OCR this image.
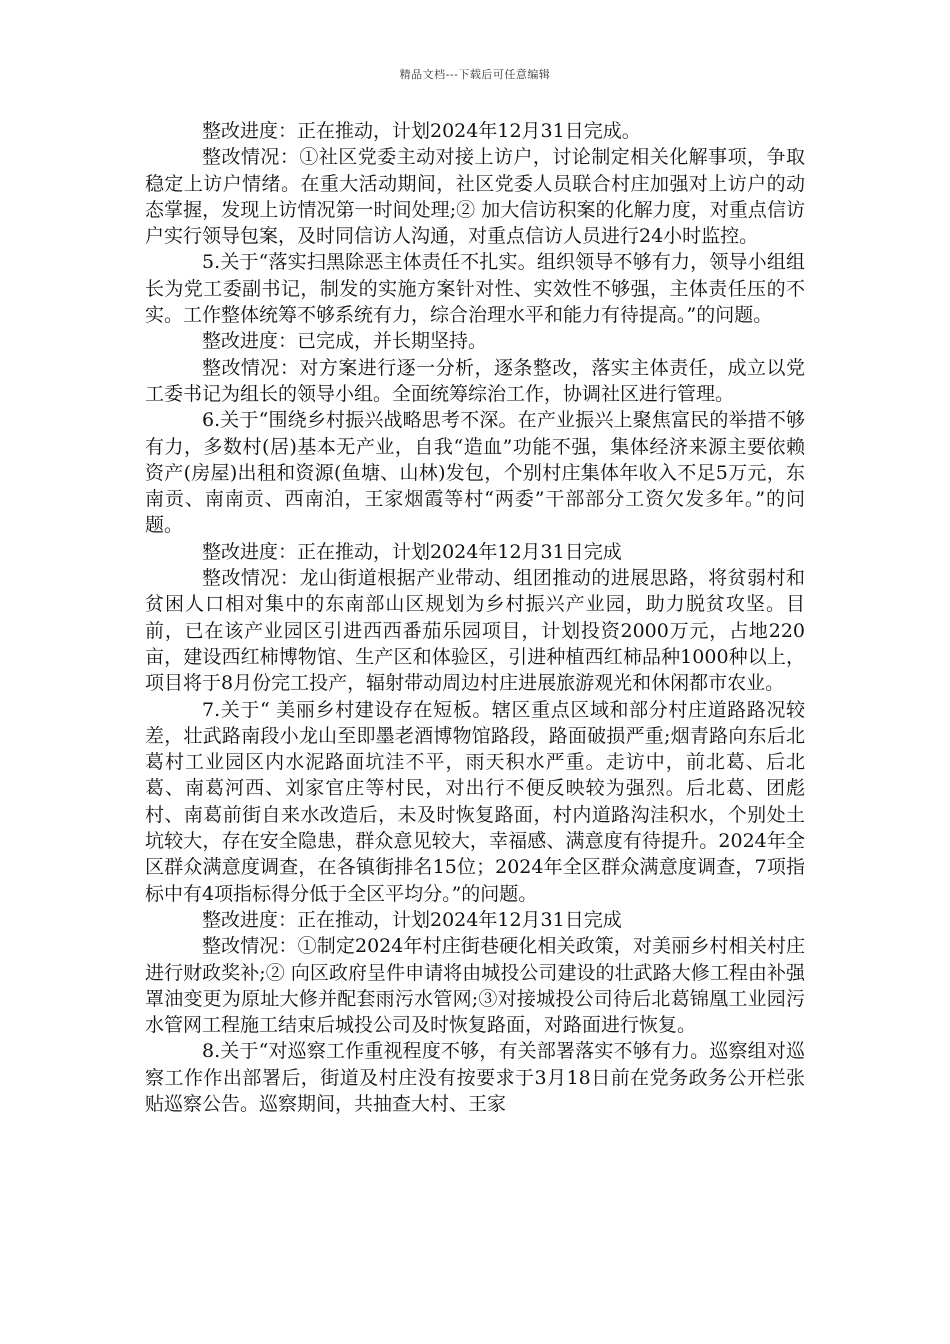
精品文档---下载后可任意编辑

整改进度：正在推动，计划2024年12月31日完成。

整改情况：①社区党委主动对接上访户，讨论制定相关化解事项，争取稳定上访户情绪。在重大活动期间，社区党委人员联合村庄加强对上访户的动态掌握，发现上访情况第一时间处理;② 加大信访积案的化解力度，对重点信访户实行领导包案，及时同信访人沟通，对重点信访人员进行24小时监控。

5.关于“落实扫黑除恶主体责任不扎实。组织领导不够有力，领导小组组长为党工委副书记，制发的实施方案针对性、实效性不够强，主体责任压的不实。工作整体统筹不够系统有力，综合治理水平和能力有待提高。”的问题。

整改进度：已完成，并长期坚持。

整改情况：对方案进行逐一分析，逐条整改，落实主体责任，成立以党工委书记为组长的领导小组。全面统筹综治工作，协调社区进行管理。

6.关于“围绕乡村振兴战略思考不深。在产业振兴上聚焦富民的举措不够有力，多数村(居)基本无产业，自我“造血”功能不强，集体经济来源主要依赖资产(房屋)出租和资源(鱼塘、山林)发包，个别村庄集体年收入不足5万元，东南贡、南南贡、西南泊，王家烟霞等村“两委”干部部分工资欠发多年。”的问题。

整改进度：正在推动，计划2024年12月31日完成

整改情况：龙山街道根据产业带动、组团推动的进展思路，将贫弱村和贫困人口相对集中的东南部山区规划为乡村振兴产业园，助力脱贫攻坚。目前，已在该产业园区引进西西番茄乐园项目，计划投资2000万元，占地220亩，建设西红柿博物馆、生产区和体验区，引进种植西红柿品种1000种以上，项目将于8月份完工投产，辐射带动周边村庄进展旅游观光和休闲都市农业。

7.关于“ 美丽乡村建设存在短板。辖区重点区域和部分村庄道路路况较差，壮武路南段小龙山至即墨老酒博物馆路段，路面破损严重;烟青路向东后北葛村工业园区内水泥路面坑洼不平，雨天积水严重。走访中，前北葛、后北葛、南葛河西、刘家官庄等村民，对出行不便反映较为强烈。后北葛、团彪村、南葛前街自来水改造后，未及时恢复路面，村内道路沟洼积水，个别处土坑较大，存在安全隐患，群众意见较大，幸福感、满意度有待提升。2024年全区群众满意度调查，在各镇街排名15位；2024年全区群众满意度调查，7项指标中有4项指标得分低于全区平均分。”的问题。

整改进度：正在推动，计划2024年12月31日完成

整改情况：①制定2024年村庄街巷硬化相关政策，对美丽乡村相关村庄进行财政奖补;② 向区政府呈件申请将由城投公司建设的壮武路大修工程由补强罩油变更为原址大修并配套雨污水管网;③对接城投公司待后北葛锦凰工业园污水管网工程施工结束后城投公司及时恢复路面，对路面进行恢复。

8.关于“对巡察工作重视程度不够，有关部署落实不够有力。巡察组对巡察工作作出部署后，街道及村庄没有按要求于3月18日前在党务政务公开栏张贴巡察公告。巡察期间，共抽查大村、王家
